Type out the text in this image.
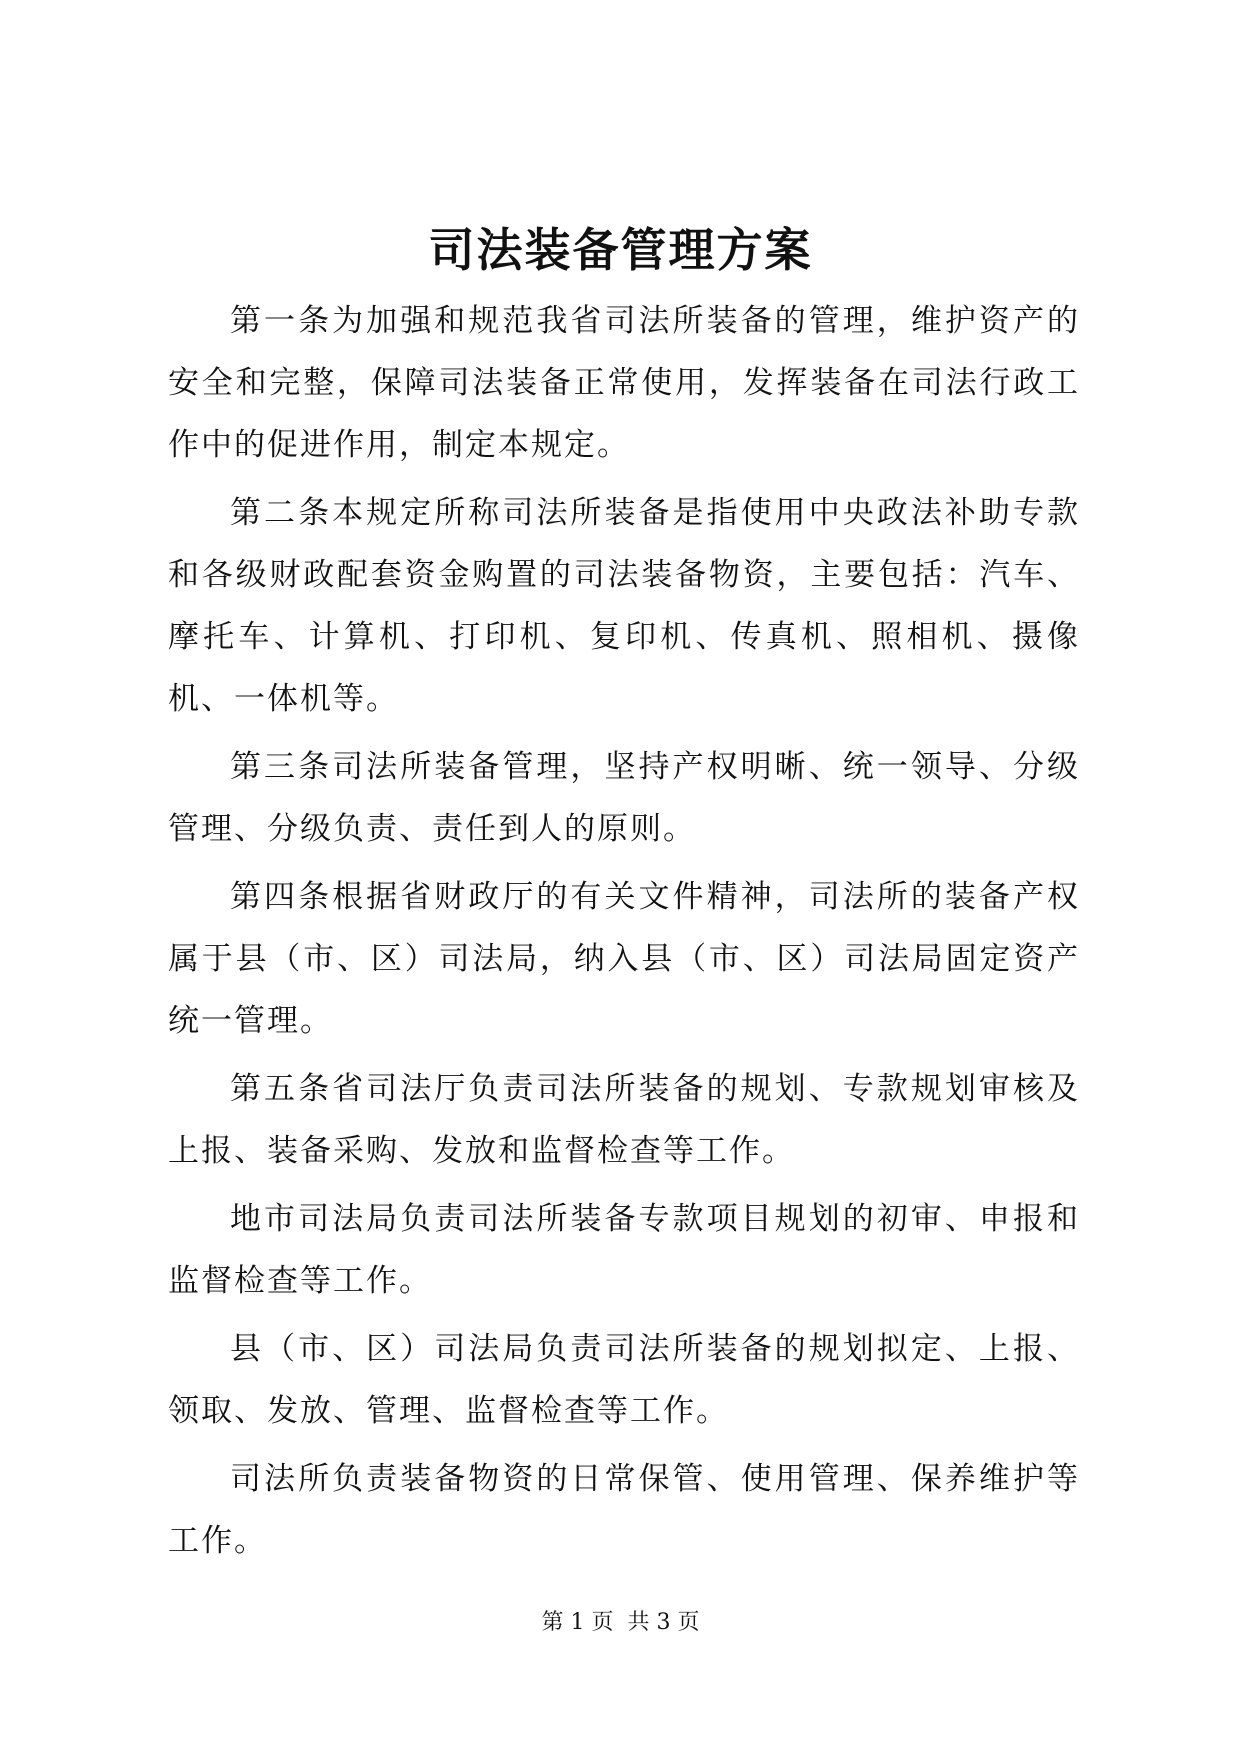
司法装备管理方案

第一条为加强和规范我省司法所装备的管理，维护资产的安全和完整，保障司法装备正常使用，发挥装备在司法行政工作中的促进作用，制定本规定。

第二条本规定所称司法所装备是指使用中央政法补助专款和各级财政配套资金购置的司法装备物资，主要包括：汽车、摩托车、计算机、打印机、复印机、传真机、照相机、摄像机、一体机等。

第三条司法所装备管理，坚持产权明晰、统一领导、分级管理、分级负责、责任到人的原则。

第四条根据省财政厅的有关文件精神，司法所的装备产权属于县（市、区）司法局，纳入县（市、区）司法局固定资产统一管理。

第五条省司法厅负责司法所装备的规划、专款规划审核及上报、装备采购、发放和监督检查等工作。

地市司法局负责司法所装备专款项目规划的初审、申报和监督检查等工作。

县（市、区）司法局负责司法所装备的规划拟定、上报、领取、发放、管理、监督检查等工作。

司法所负责装备物资的日常保管、使用管理、保养维护等工作。

第 1 页 共 3 页
